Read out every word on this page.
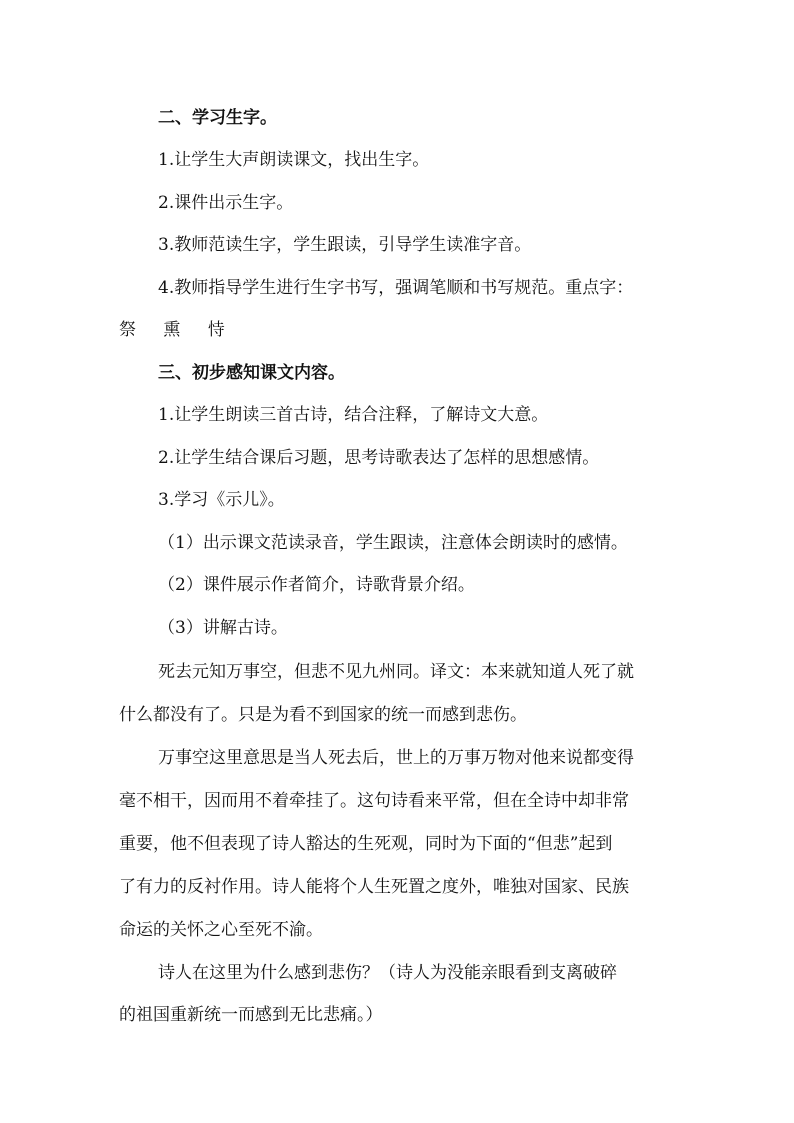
二、学习生字。
1.让学生大声朗读课文，找出生字。
2.课件出示生字。
3.教师范读生字，学生跟读，引导学生读准字音。
4.教师指导学生进行生字书写，强调笔顺和书写规范。重点字：
祭 熏 恃
三、初步感知课文内容。
1.让学生朗读三首古诗，结合注释，了解诗文大意。
2.让学生结合课后习题，思考诗歌表达了怎样的思想感情。
3.学习《示儿》。
（1）出示课文范读录音，学生跟读，注意体会朗读时的感情。
（2）课件展示作者简介，诗歌背景介绍。
（3）讲解古诗。
死去元知万事空，但悲不见九州同。译文：本来就知道人死了就
什么都没有了。只是为看不到国家的统一而感到悲伤。
万事空这里意思是当人死去后，世上的万事万物对他来说都变得
毫不相干，因而用不着牵挂了。这句诗看来平常，但在全诗中却非常
重要，他不但表现了诗人豁达的生死观，同时为下面的“但悲”起到
了有力的反衬作用。诗人能将个人生死置之度外，唯独对国家、民族
命运的关怀之心至死不渝。
诗人在这里为什么感到悲伤？（诗人为没能亲眼看到支离破碎
的祖国重新统一而感到无比悲痛。）
